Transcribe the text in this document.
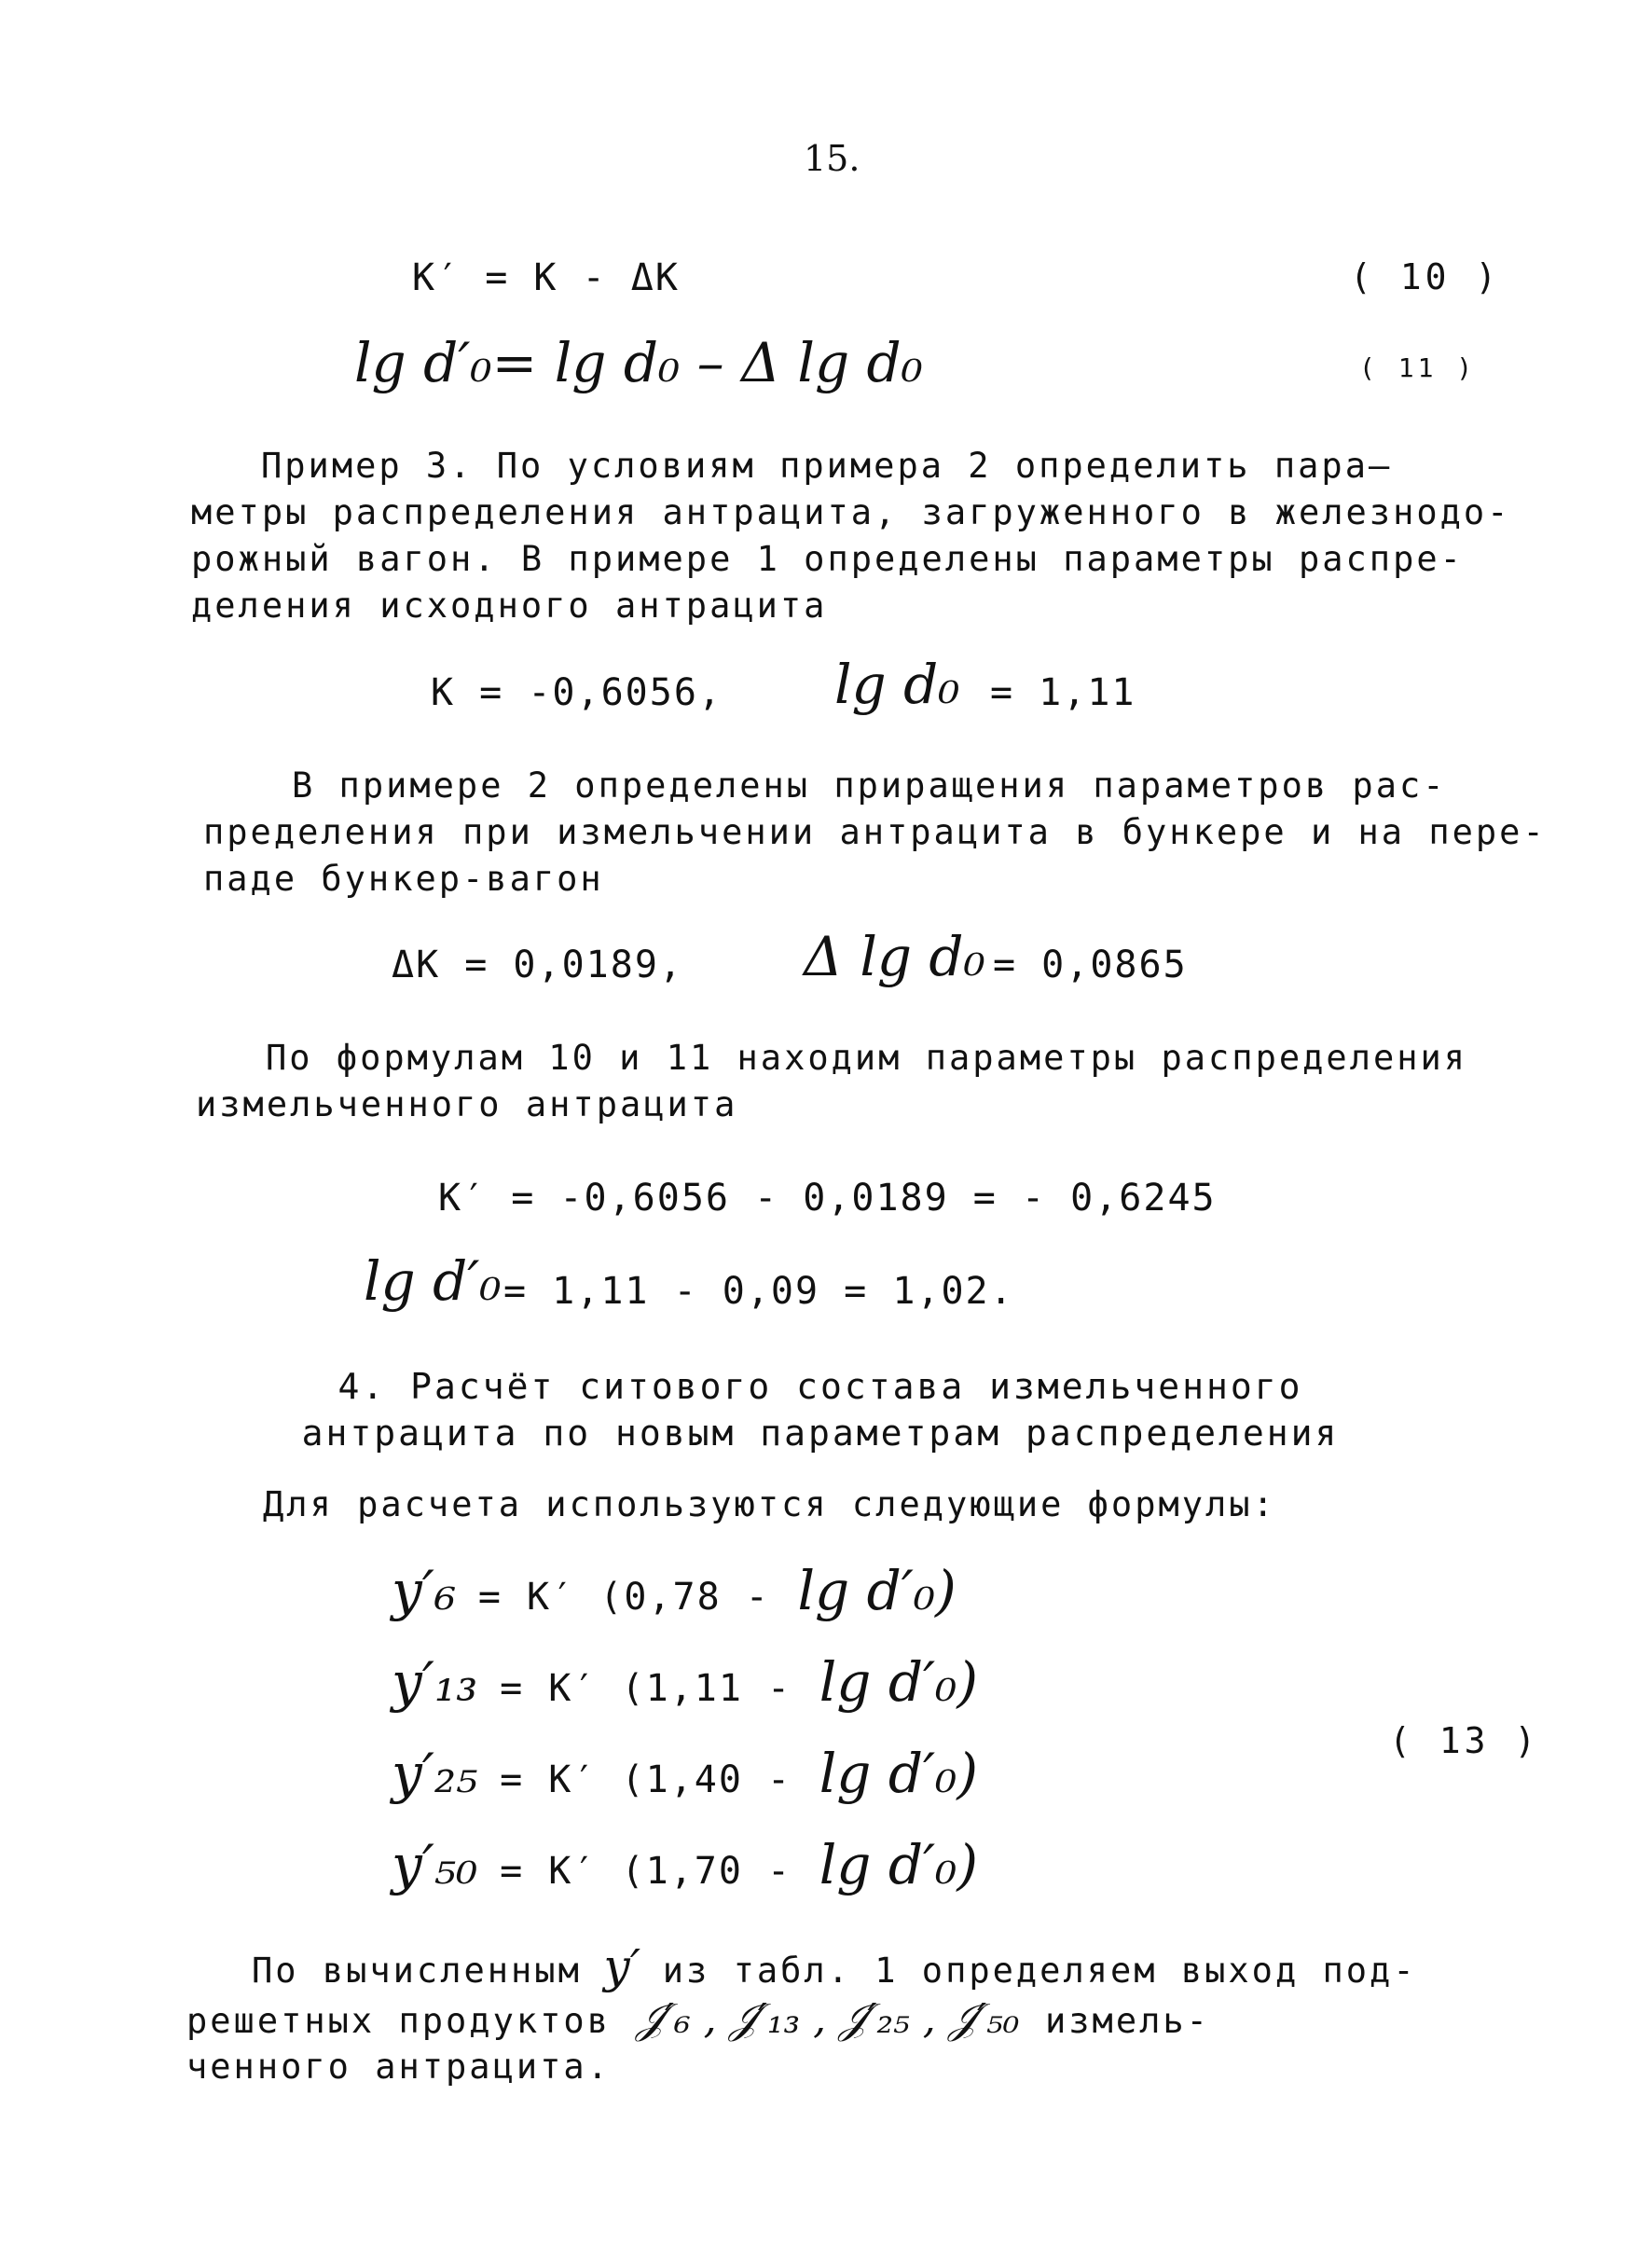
15.
K′ = K - ΔK	( 10 )
lg d′₀= lg d₀ – Δ lg d₀	( 11 )

Пример 3. По условиям примера 2 определить пара–

метры распределения антрацита, загруженного в железнодо-

рожный вагон. В примере 1 определены параметры распре-

деления исходного антрацита

K = -0,6056, lg d₀ = 1,11

В примере 2 определены приращения параметров рас-

пределения при измельчении антрацита в бункере и на пере-

паде бункер-вагон

ΔK = 0,0189, Δ lg d₀ = 0,0865

По формулам 10 и 11 находим параметры распределения

измельченного антрацита

K′ = -0,6056 - 0,0189 = - 0,6245
lg d′₀ = 1,11 - 0,09 = 1,02.
4. Расчёт ситового состава измельченного
антрацита по новым параметрам распределения
Для расчета используются следующие формулы:
y′₆ = K′ (0,78 - lg d′₀)
y′₁₃ = K′ (1,11 - lg d′₀)
y′₂₅ = K′ (1,40 - lg d′₀)
y′₅₀ = K′ (1,70 - lg d′₀)
( 13 )
По вычисленным y′ из табл. 1 определяем выход под-
решетных продуктов 𝒥′₆ , 𝒥′₁₃ , 𝒥′₂₅ , 𝒥′₅₀ измель-
ченного антрацита.
